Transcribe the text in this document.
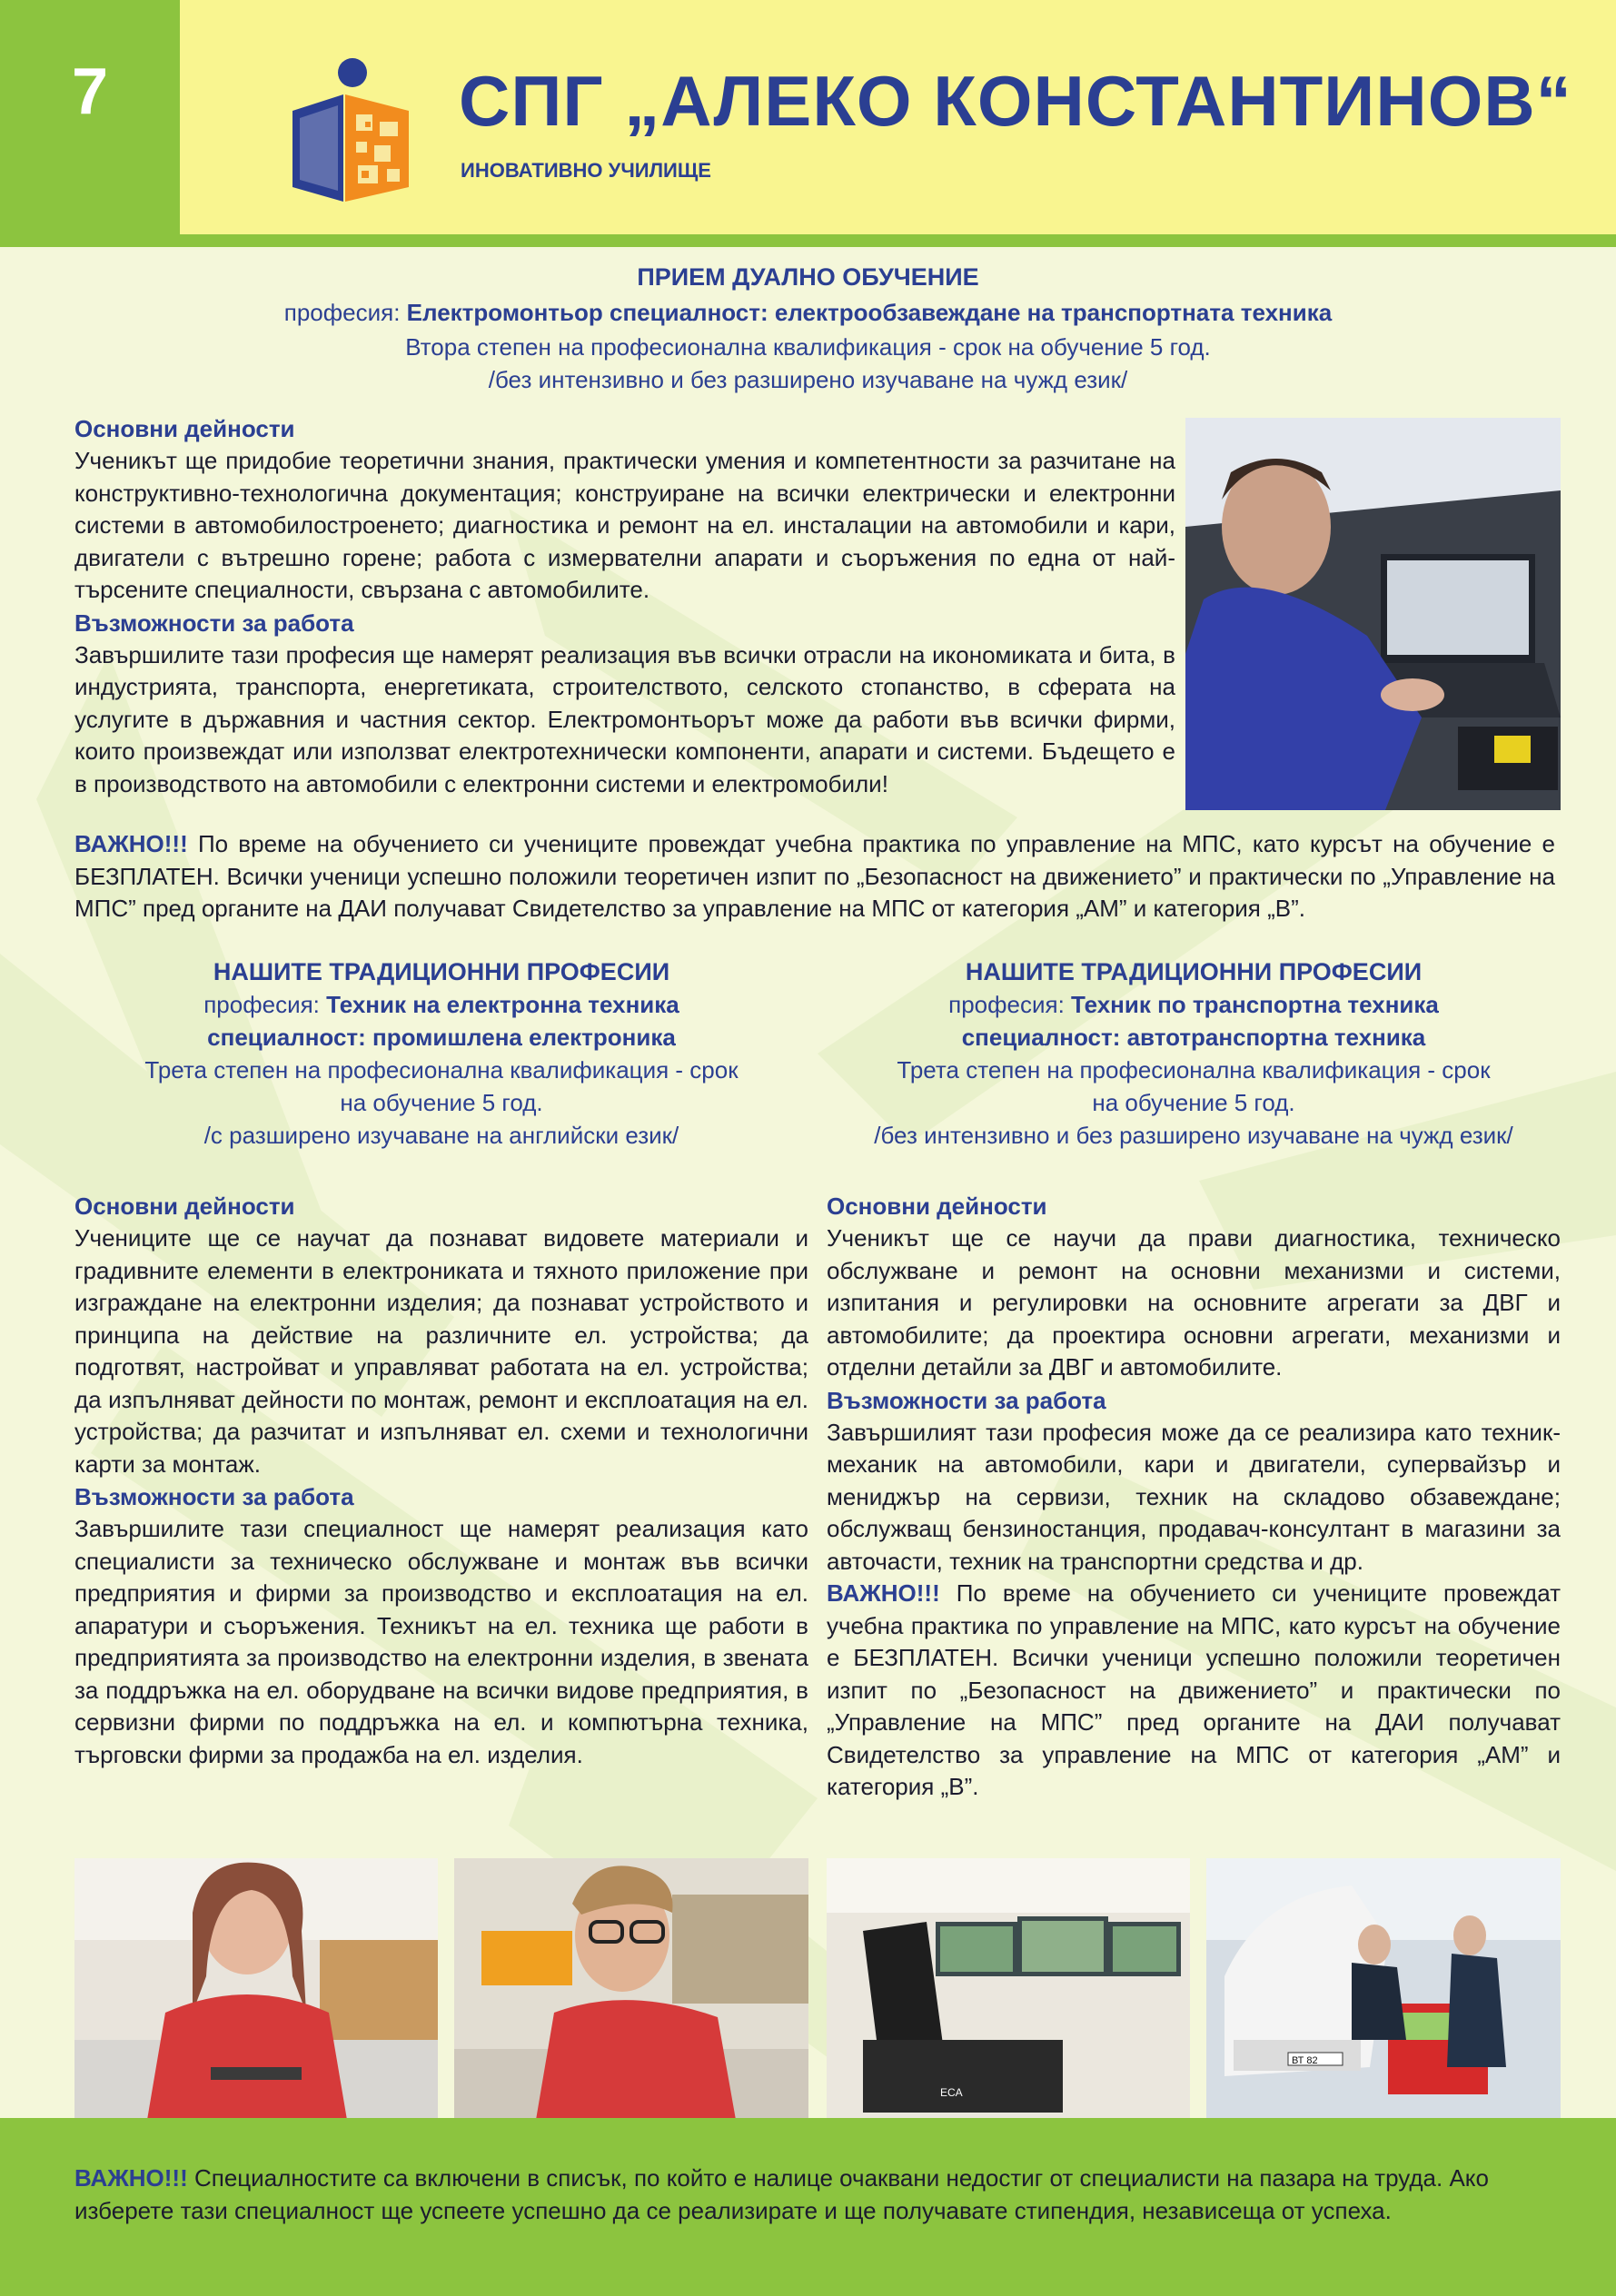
7	СПГ „АЛЕКО КОНСТАНТИНОВ“
ИНОВАТИВНО УЧИЛИЩЕ
ПРИЕМ ДУАЛНО ОБУЧЕНИЕ
професия: Електромонтьор специалност: електрообзавеждане на транспортната техника
Втора степен на професионална квалификация - срок на обучение 5 год.
/без интензивно и без разширено изучаване на чужд език/
Основни дейности

Ученикът ще придобие теоретични знания, практически умения и компетентности за разчитане на конструктивно-технологична документация; конструиране на всички електрически и електронни системи в автомобилостроенето; диагностика и ремонт на ел. инсталации на автомобили и кари, двигатели с вътрешно горене; работа с измервателни апарати и съоръжения по една от най-търсените специалности, свързана с автомобилите.

Възможности за работа

Завършилите тази професия ще намерят реализация във всички отрасли на икономиката и бита, в индустрията, транспорта, енергетиката, строителството, селското стопанство, в сферата на услугите в държавния и частния сектор. Електромонтьорът може да работи във всички фирми, които произвеждат или използват електротехнически компоненти, апарати и системи. Бъдещето е в производството на автомобили с електронни системи и електромобили!

ВАЖНО!!! По време на обучението си учениците провеждат учебна практика по управление на МПС, като курсът на обучение е БЕЗПЛАТЕН. Всички ученици успешно положили теоретичен изпит по „Безопасност на движението” и практически по „Управление на МПС” пред органите на ДАИ получават Свидетелство за управление на МПС от категория „АМ” и категория „В”.

НАШИТЕ ТРАДИЦИОННИ ПРОФЕСИИ
професия: Техник на електронна техника
специалност: промишлена електроника
Трета степен на професионална квалификация - срок на обучение 5 год.
/с разширено изучаване на английски език/
Основни дейности

Учениците ще се научат да познават видовете материали и градивните елементи в електрониката и тяхното приложение при изграждане на електронни изделия; да познават устройството и принципа на действие на различните ел. устройства; да подготвят, настройват и управляват работата на ел. устройства; да изпълняват дейности по монтаж, ремонт и експлоатация на ел. устройства; да разчитат и изпълняват ел. схеми и технологични карти за монтаж.

Възможности за работа

Завършилите тази специалност ще намерят реализация като специалисти за техническо обслужване и монтаж във всички предприятия и фирми за производство и експлоатация на ел. апаратури и съоръжения. Техникът на ел. техника ще работи в предприятията за производство на електронни изделия, в звената за поддръжка на ел. оборудване на всички видове предприятия, в сервизни фирми по поддръжка на ел. и компютърна техника, търговски фирми за продажба на ел. изделия.

НАШИТЕ ТРАДИЦИОННИ ПРОФЕСИИ
професия: Техник по транспортна техника
специалност: автотранспортна техника
Трета степен на професионална квалификация - срок на обучение 5 год.
/без интензивно и без разширено изучаване на чужд език/
Основни дейности

Ученикът ще се научи да прави диагностика, техническо обслужване и ремонт на основни механизми и системи, изпитания и регулировки на основните агрегати за ДВГ и автомобилите; да проектира основни агрегати, механизми и отделни детайли за ДВГ и автомобилите.

Възможности за работа

Завършилият тази професия може да се реализира като техник-механик на автомобили, кари и двигатели, супервайзър и мениджър на сервизи, техник на складово обзавеждане; обслужващ бензиностанция, продавач-консултант в магазини за авточасти, техник на транспортни средства и др.

ВАЖНО!!! По време на обучението си учениците провеждат учебна практика по управление на МПС, като курсът на обучение е БЕЗПЛАТЕН. Всички ученици успешно положили теоретичен изпит по „Безопасност на движението” и практически по „Управление на МПС” пред органите на ДАИ получават Свидетелство за управление на МПС от категория „АМ” и категория „В”.

ECA
ВТ 82
ВАЖНО!!! Специалностите са включени в списък, по който е налице очаквани недостиг от специалисти на пазара на труда. Ако изберете тази специалност ще успеете успешно да се реализирате и ще получавате стипендия, независеща от успеха.
